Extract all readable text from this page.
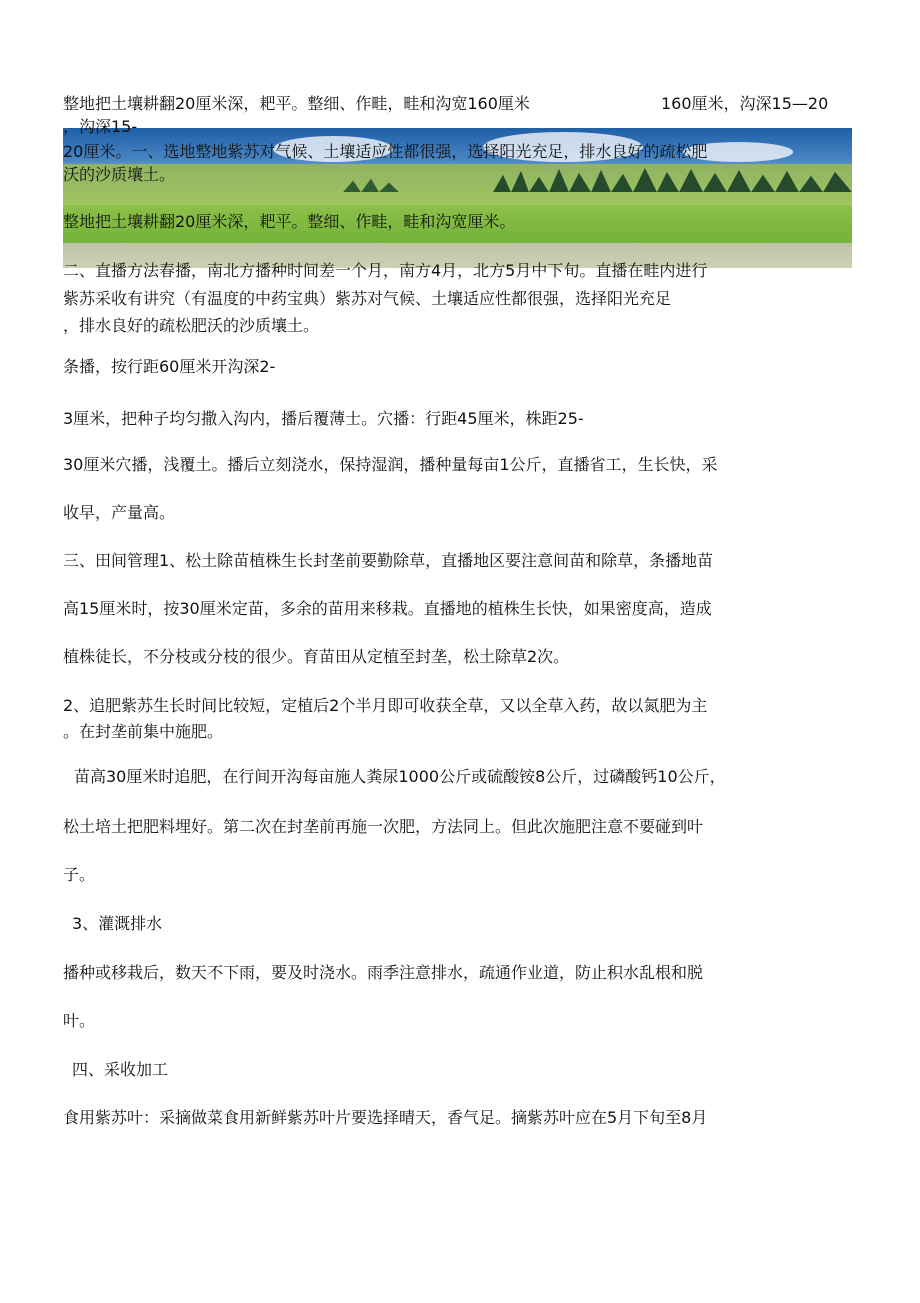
整地把土壤耕翻20厘米深，耙平。整细、作畦，畦和沟宽160厘米	160厘米，沟深15—20
，沟深15-
20厘米。一、选地整地紫苏对气候、土壤适应性都很强，选择阳光充足，排水良好的疏松肥
沃的沙质壤土。
整地把土壤耕翻20厘米深，耙平。整细、作畦，畦和沟宽厘米。
二、直播方法春播，南北方播种时间差一个月，南方4月，北方5月中下旬。直播在畦内进行
紫苏采收有讲究（有温度的中药宝典）紫苏对气候、土壤适应性都很强，选择阳光充足
，排水良好的疏松肥沃的沙质壤土。
条播，按行距60厘米开沟深2-
3厘米，把种子均匀撒入沟内，播后覆薄士。穴播：行距45厘米，株距25-
30厘米穴播，浅覆土。播后立刻浇水，保持湿润，播种量每亩1公斤，直播省工，生长快，采
收早，产量高。
三、田间管理1、松土除苗植株生长封垄前要勤除草，直播地区要注意间苗和除草，条播地苗
高15厘米时，按30厘米定苗，多余的苗用来移栽。直播地的植株生长快，如果密度高，造成
植株徒长，不分枝或分枝的很少。育苗田从定植至封垄，松土除草2次。
2、追肥紫苏生长时间比较短，定植后2个半月即可收获全草，又以全草入药，故以氮肥为主
。在封垄前集中施肥。
苗高30厘米时追肥，在行间开沟每亩施人粪尿1000公斤或硫酸铵8公斤，过磷酸钙10公斤，
松土培土把肥料埋好。第二次在封垄前再施一次肥，方法同上。但此次施肥注意不要碰到叶
子。
3、灌溉排水
播种或移栽后，数天不下雨，要及时浇水。雨季注意排水，疏通作业道，防止积水乱根和脱
叶。
四、采收加工
食用紫苏叶：采摘做菜食用新鲜紫苏叶片要选择晴天，香气足。摘紫苏叶应在5月下旬至8月
